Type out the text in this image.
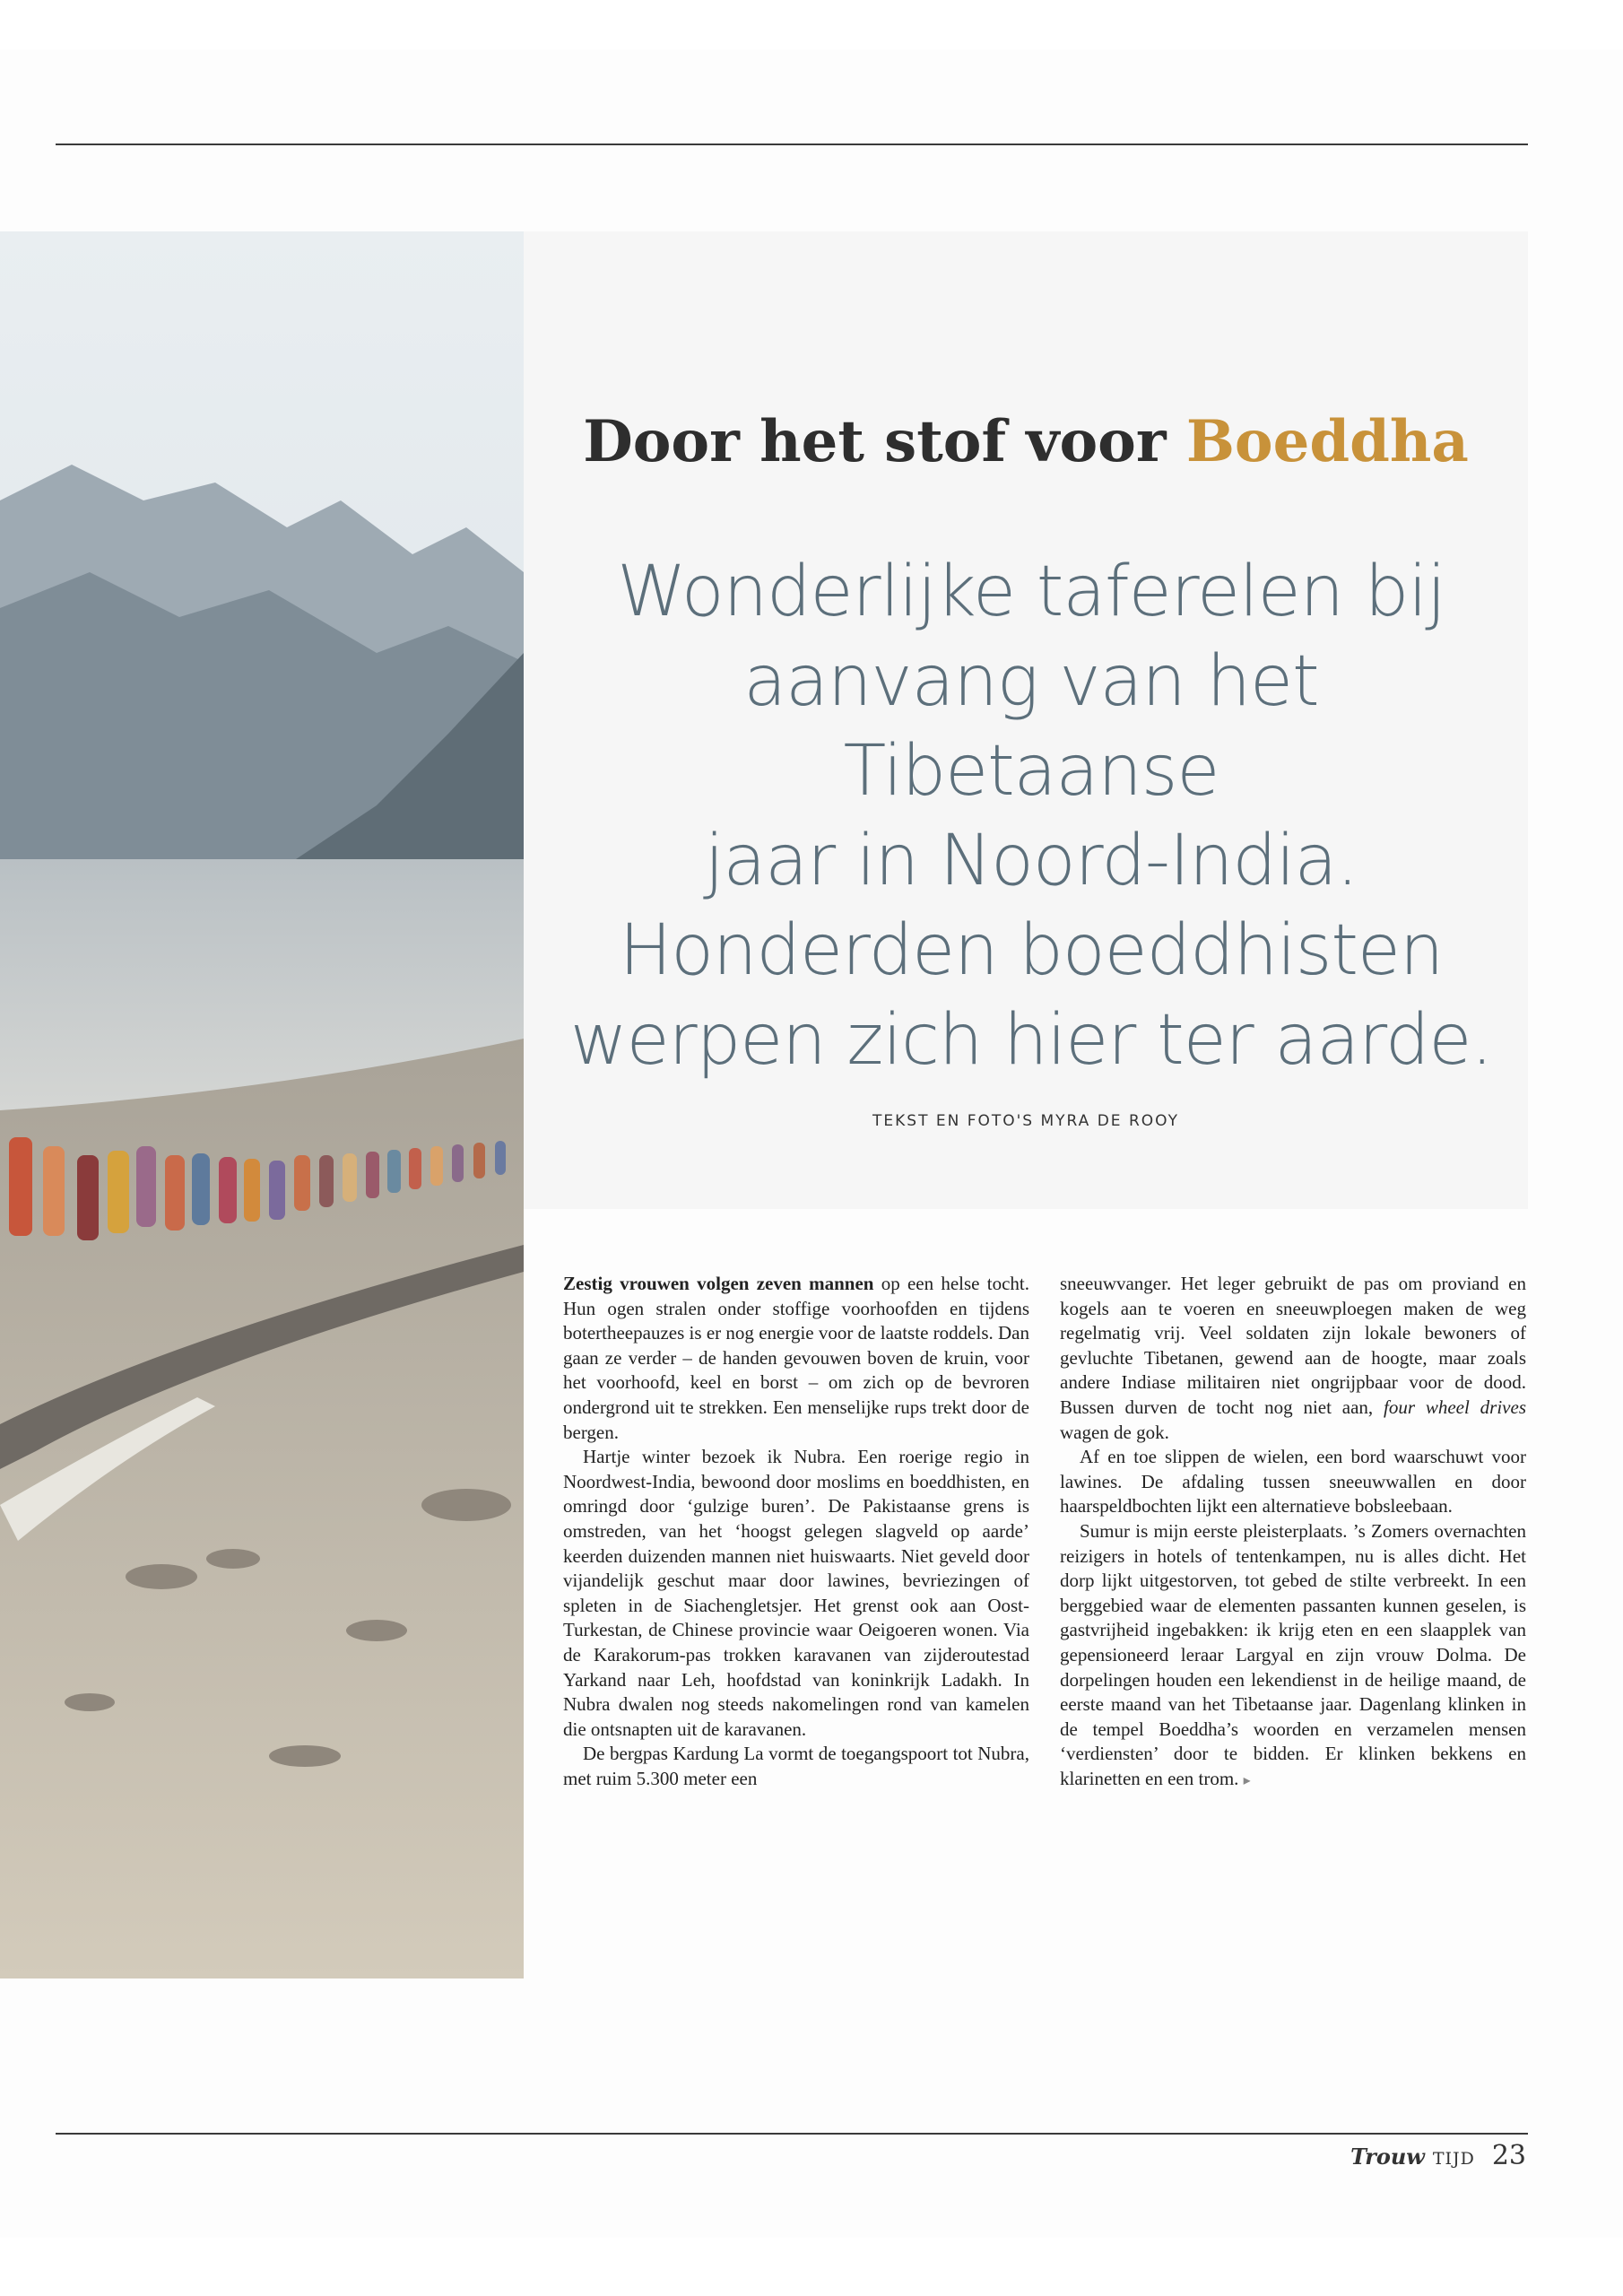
Door het stof voor Boeddha
Wonderlijke taferelen bij
aanvang van het Tibetaanse
jaar in Noord-India.
Honderden boeddhisten
werpen zich hier ter aarde.
TEKST EN FOTO'S MYRA DE ROOY

Zestig vrouwen volgen zeven mannen op een helse tocht. Hun ogen stralen onder stoffige voorhoofden en tijdens botertheepauzes is er nog energie voor de laatste roddels. Dan gaan ze verder – de handen gevouwen boven de kruin, voor het voorhoofd, keel en borst – om zich op de bevroren ondergrond uit te strekken. Een menselijke rups trekt door de bergen.

Hartje winter bezoek ik Nubra. Een roerige regio in Noordwest-India, bewoond door moslims en boeddhisten, en omringd door ‘gulzige buren’. De Pakistaanse grens is omstreden, van het ‘hoogst gelegen slagveld op aarde’ keerden duizenden mannen niet huiswaarts. Niet geveld door vijandelijk geschut maar door lawines, bevriezingen of spleten in de Siachengletsjer. Het grenst ook aan Oost-Turkestan, de Chinese provincie waar Oeigoeren wonen. Via de Karakorum-pas trokken karavanen van zijderoutestad Yarkand naar Leh, hoofdstad van koninkrijk Ladakh. In Nubra dwalen nog steeds nakomelingen rond van kamelen die ontsnapten uit de karavanen.

De bergpas Kardung La vormt de toegangspoort tot Nubra, met ruim 5.300 meter een

sneeuwvanger. Het leger gebruikt de pas om proviand en kogels aan te voeren en sneeuwploegen maken de weg regelmatig vrij. Veel soldaten zijn lokale bewoners of gevluchte Tibetanen, gewend aan de hoogte, maar zoals andere Indiase militairen niet ongrijpbaar voor de dood. Bussen durven de tocht nog niet aan, four wheel drives wagen de gok.

Af en toe slippen de wielen, een bord waarschuwt voor lawines. De afdaling tussen sneeuwwallen en door haarspeldbochten lijkt een alternatieve bobsleebaan.

Sumur is mijn eerste pleisterplaats. ’s Zomers overnachten reizigers in hotels of tentenkampen, nu is alles dicht. Het dorp lijkt uitgestorven, tot gebed de stilte verbreekt. In een berggebied waar de elementen passanten kunnen geselen, is gastvrijheid ingebakken: ik krijg eten en een slaapplek van gepensioneerd leraar Largyal en zijn vrouw Dolma. De dorpelingen houden een lekendienst in de heilige maand, de eerste maand van het Tibetaanse jaar. Dagenlang klinken in de tempel Boeddha’s woorden en verzamelen mensen ‘verdiensten’ door te bidden. Er klinken bekkens en klarinetten en een trom. ▸

Trouw TIJD 23
